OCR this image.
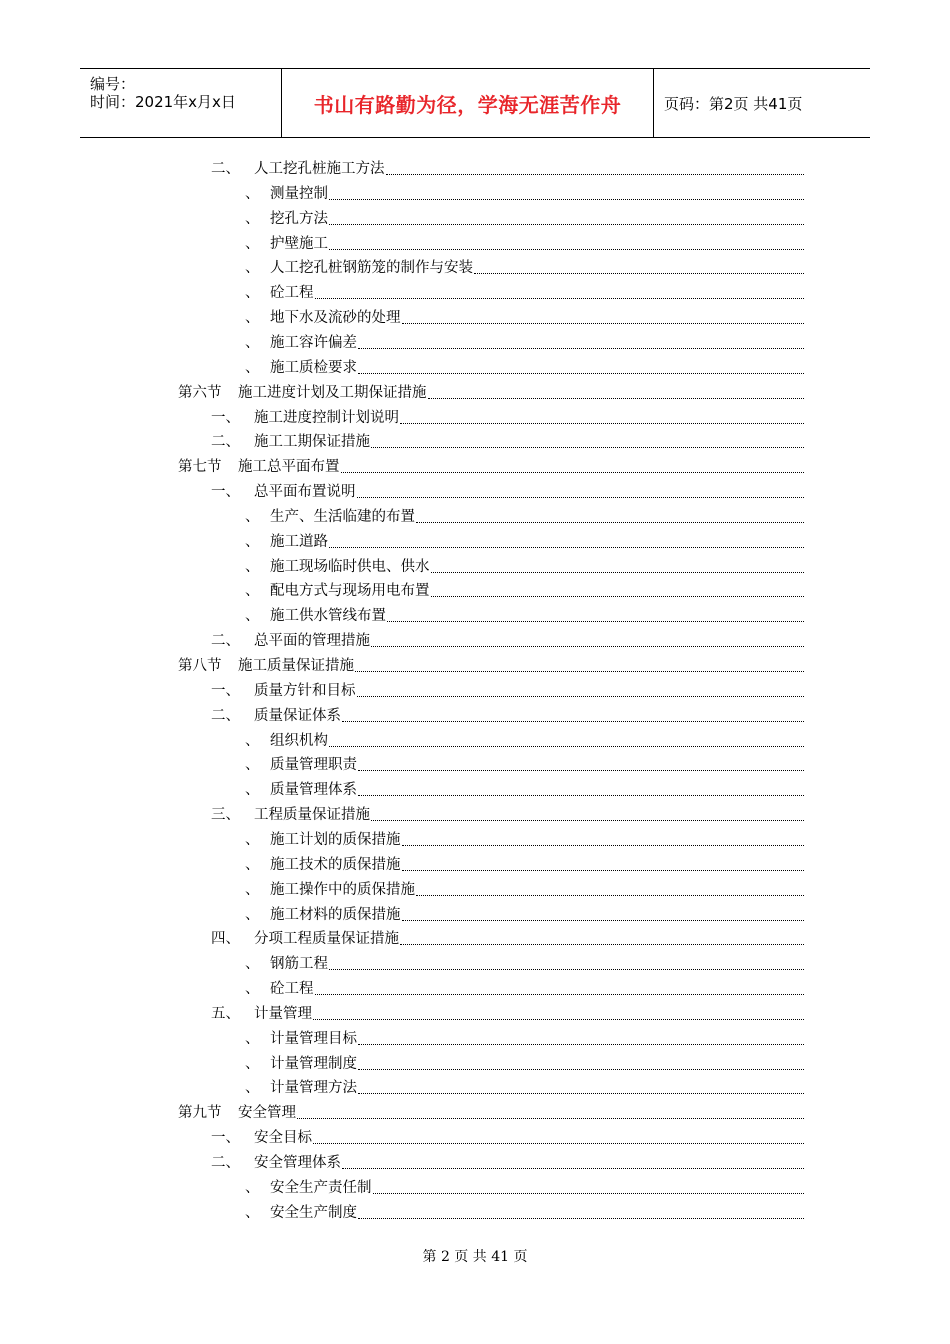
编号：
时间：2021年x月x日	书山有路勤为径，学海无涯苦作舟	页码：第2页 共41页
二、 人工挖孔桩施工方法
、 测量控制
、 挖孔方法
、 护壁施工
、 人工挖孔桩钢筋笼的制作与安装
、 砼工程
、 地下水及流砂的处理
、 施工容许偏差
、 施工质检要求
第六节	施工进度计划及工期保证措施
一、 施工进度控制计划说明
二、 施工工期保证措施
第七节	施工总平面布置
一、 总平面布置说明
、 生产、生活临建的布置
、 施工道路
、 施工现场临时供电、供水
、 配电方式与现场用电布置
、 施工供水管线布置
二、 总平面的管理措施
第八节	施工质量保证措施
一、 质量方针和目标
二、 质量保证体系
、 组织机构
、 质量管理职责
、 质量管理体系
三、 工程质量保证措施
、 施工计划的质保措施
、 施工技术的质保措施
、 施工操作中的质保措施
、 施工材料的质保措施
四、 分项工程质量保证措施
、 钢筋工程
、 砼工程
五、 计量管理
、 计量管理目标
、 计量管理制度
、 计量管理方法
第九节	安全管理
一、 安全目标
二、 安全管理体系
、 安全生产责任制
、 安全生产制度
第 2 页 共 41 页
